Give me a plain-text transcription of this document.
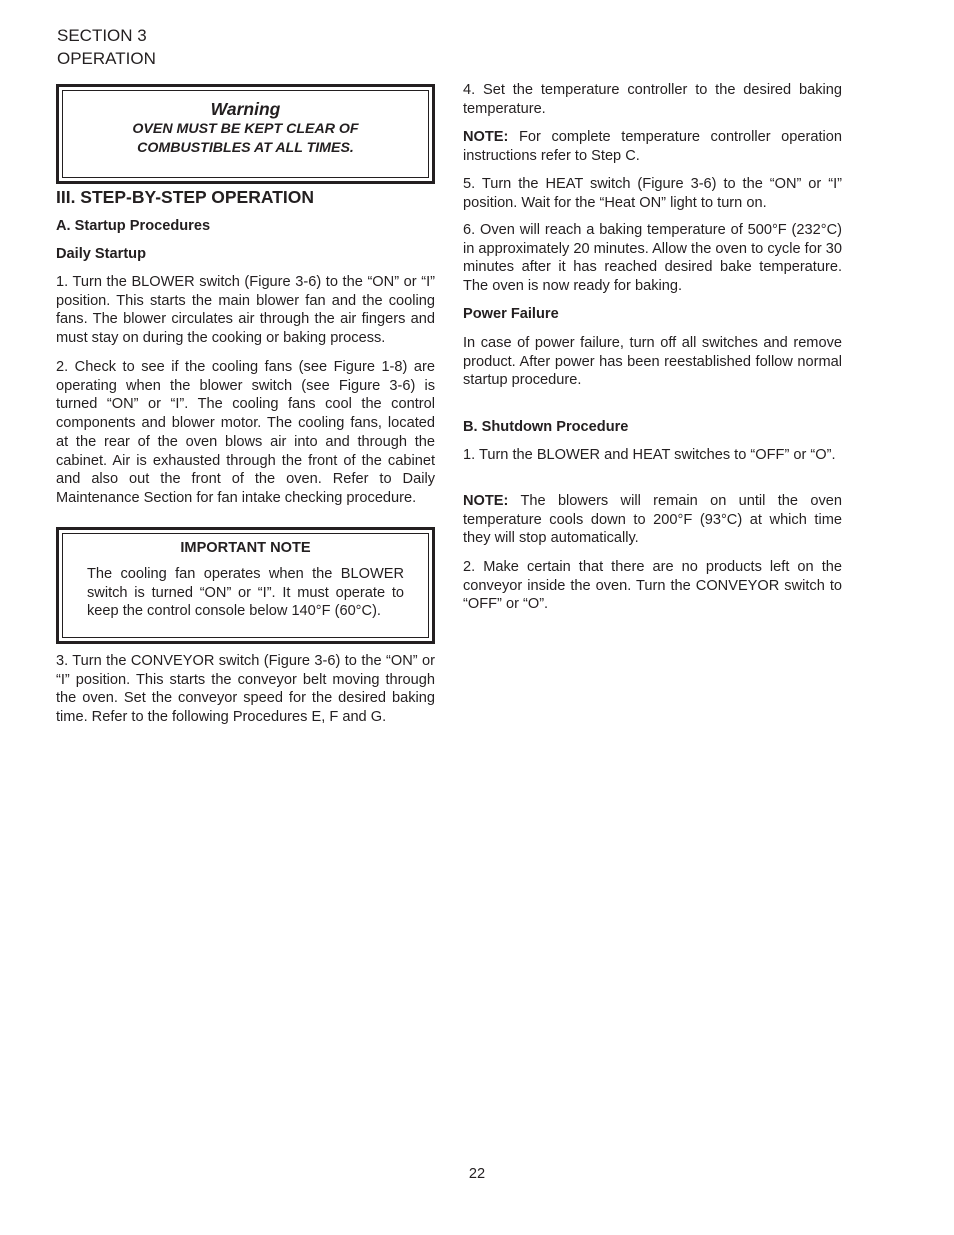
SECTION 3
OPERATION
Warning
OVEN MUST BE KEPT CLEAR OF
COMBUSTIBLES AT ALL TIMES.
III. STEP-BY-STEP OPERATION
A. Startup Procedures
Daily Startup

1. Turn the BLOWER switch (Figure 3-6) to the “ON” or “I” position. This starts the main blower fan and the cooling fans. The blower circulates air through the air fingers and must stay on during the cooking or baking process.

2. Check to see if the cooling fans (see Figure 1-8) are operating when the blower switch (see Figure 3-6) is turned “ON” or “I”. The cooling fans cool the control components and blower motor. The cooling fans, located at the rear of the oven blows air into and through the cabinet. Air is exhausted through the front of the cabinet and also out the front of the oven. Refer to Daily Maintenance Section for fan intake checking procedure.

IMPORTANT NOTE

The cooling fan operates when the BLOWER switch is turned “ON” or “I”. It must operate to keep the control console below 140°F (60°C).

3. Turn the CONVEYOR switch (Figure 3-6) to the “ON” or “I” position. This starts the conveyor belt moving through the oven. Set the conveyor speed for the desired baking time. Refer to the following Procedures E, F and G.

4. Set the temperature controller to the desired baking temperature.

NOTE: For complete temperature controller operation instructions refer to Step C.

5. Turn the HEAT switch (Figure 3-6) to the “ON” or “I” position. Wait for the “Heat ON” light to turn on.

6. Oven will reach a baking temperature of 500°F (232°C) in approximately 20 minutes. Allow the oven to cycle for 30 minutes after it has reached desired bake temperature. The oven is now ready for baking.

Power Failure

In case of power failure, turn off all switches and remove product. After power has been reestablished follow normal startup procedure.

B. Shutdown Procedure

1. Turn the BLOWER and HEAT switches to “OFF” or “O”.

NOTE: The blowers will remain on until the oven temperature cools down to 200°F (93°C) at which time they will stop automatically.

2. Make certain that there are no products left on the conveyor inside the oven. Turn the CONVEYOR switch to “OFF” or “O”.

22
